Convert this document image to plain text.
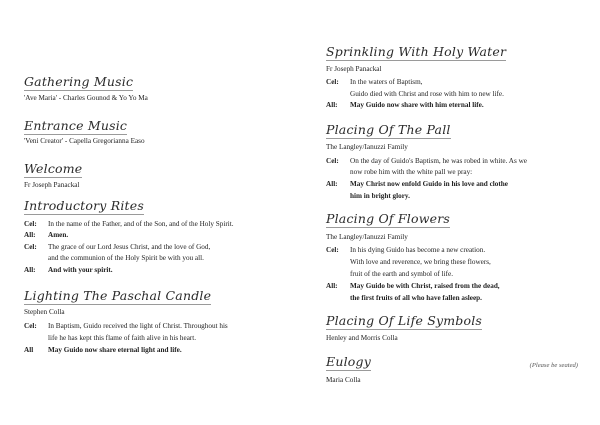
Gathering Music
'Ave Maria' - Charles Gounod & Yo Yo Ma
Entrance Music
'Veni Creator' - Capella Gregorianna Easo
Welcome
Fr Joseph Panackal
Introductory Rites
Cel: In the name of the Father, and of the Son, and of the Holy Spirit.
All: Amen.
Cel: The grace of our Lord Jesus Christ, and the love of God,
and the communion of the Holy Spirit be with you all.
All: And with your spirit.
Lighting The Paschal Candle
Stephen Colla
Cel: In Baptism, Guido received the light of Christ. Throughout his
life he has kept this flame of faith alive in his heart.
All May Guido now share eternal light and life.
Sprinkling With Holy Water
Fr Joseph Panackal
Cel: In the waters of Baptism,
Guido died with Christ and rose with him to new life.
All: May Guido now share with him eternal life.
Placing Of The Pall
The Langley/Ianuzzi Family
Cel: On the day of Guido's Baptism, he was robed in white. As we
now robe him with the white pall we pray:
All: May Christ now enfold Guido in his love and clothe
him in bright glory.
Placing Of Flowers
The Langley/Ianuzzi Family
Cel: In his dying Guido has become a new creation.
With love and reverence, we bring these flowers,
fruit of the earth and symbol of life.
All: May Guido be with Christ, raised from the dead,
the first fruits of all who have fallen asleep.
Placing Of Life Symbols
Henley and Morris Colla
Eulogy	(Please be seated)
Maria Colla
